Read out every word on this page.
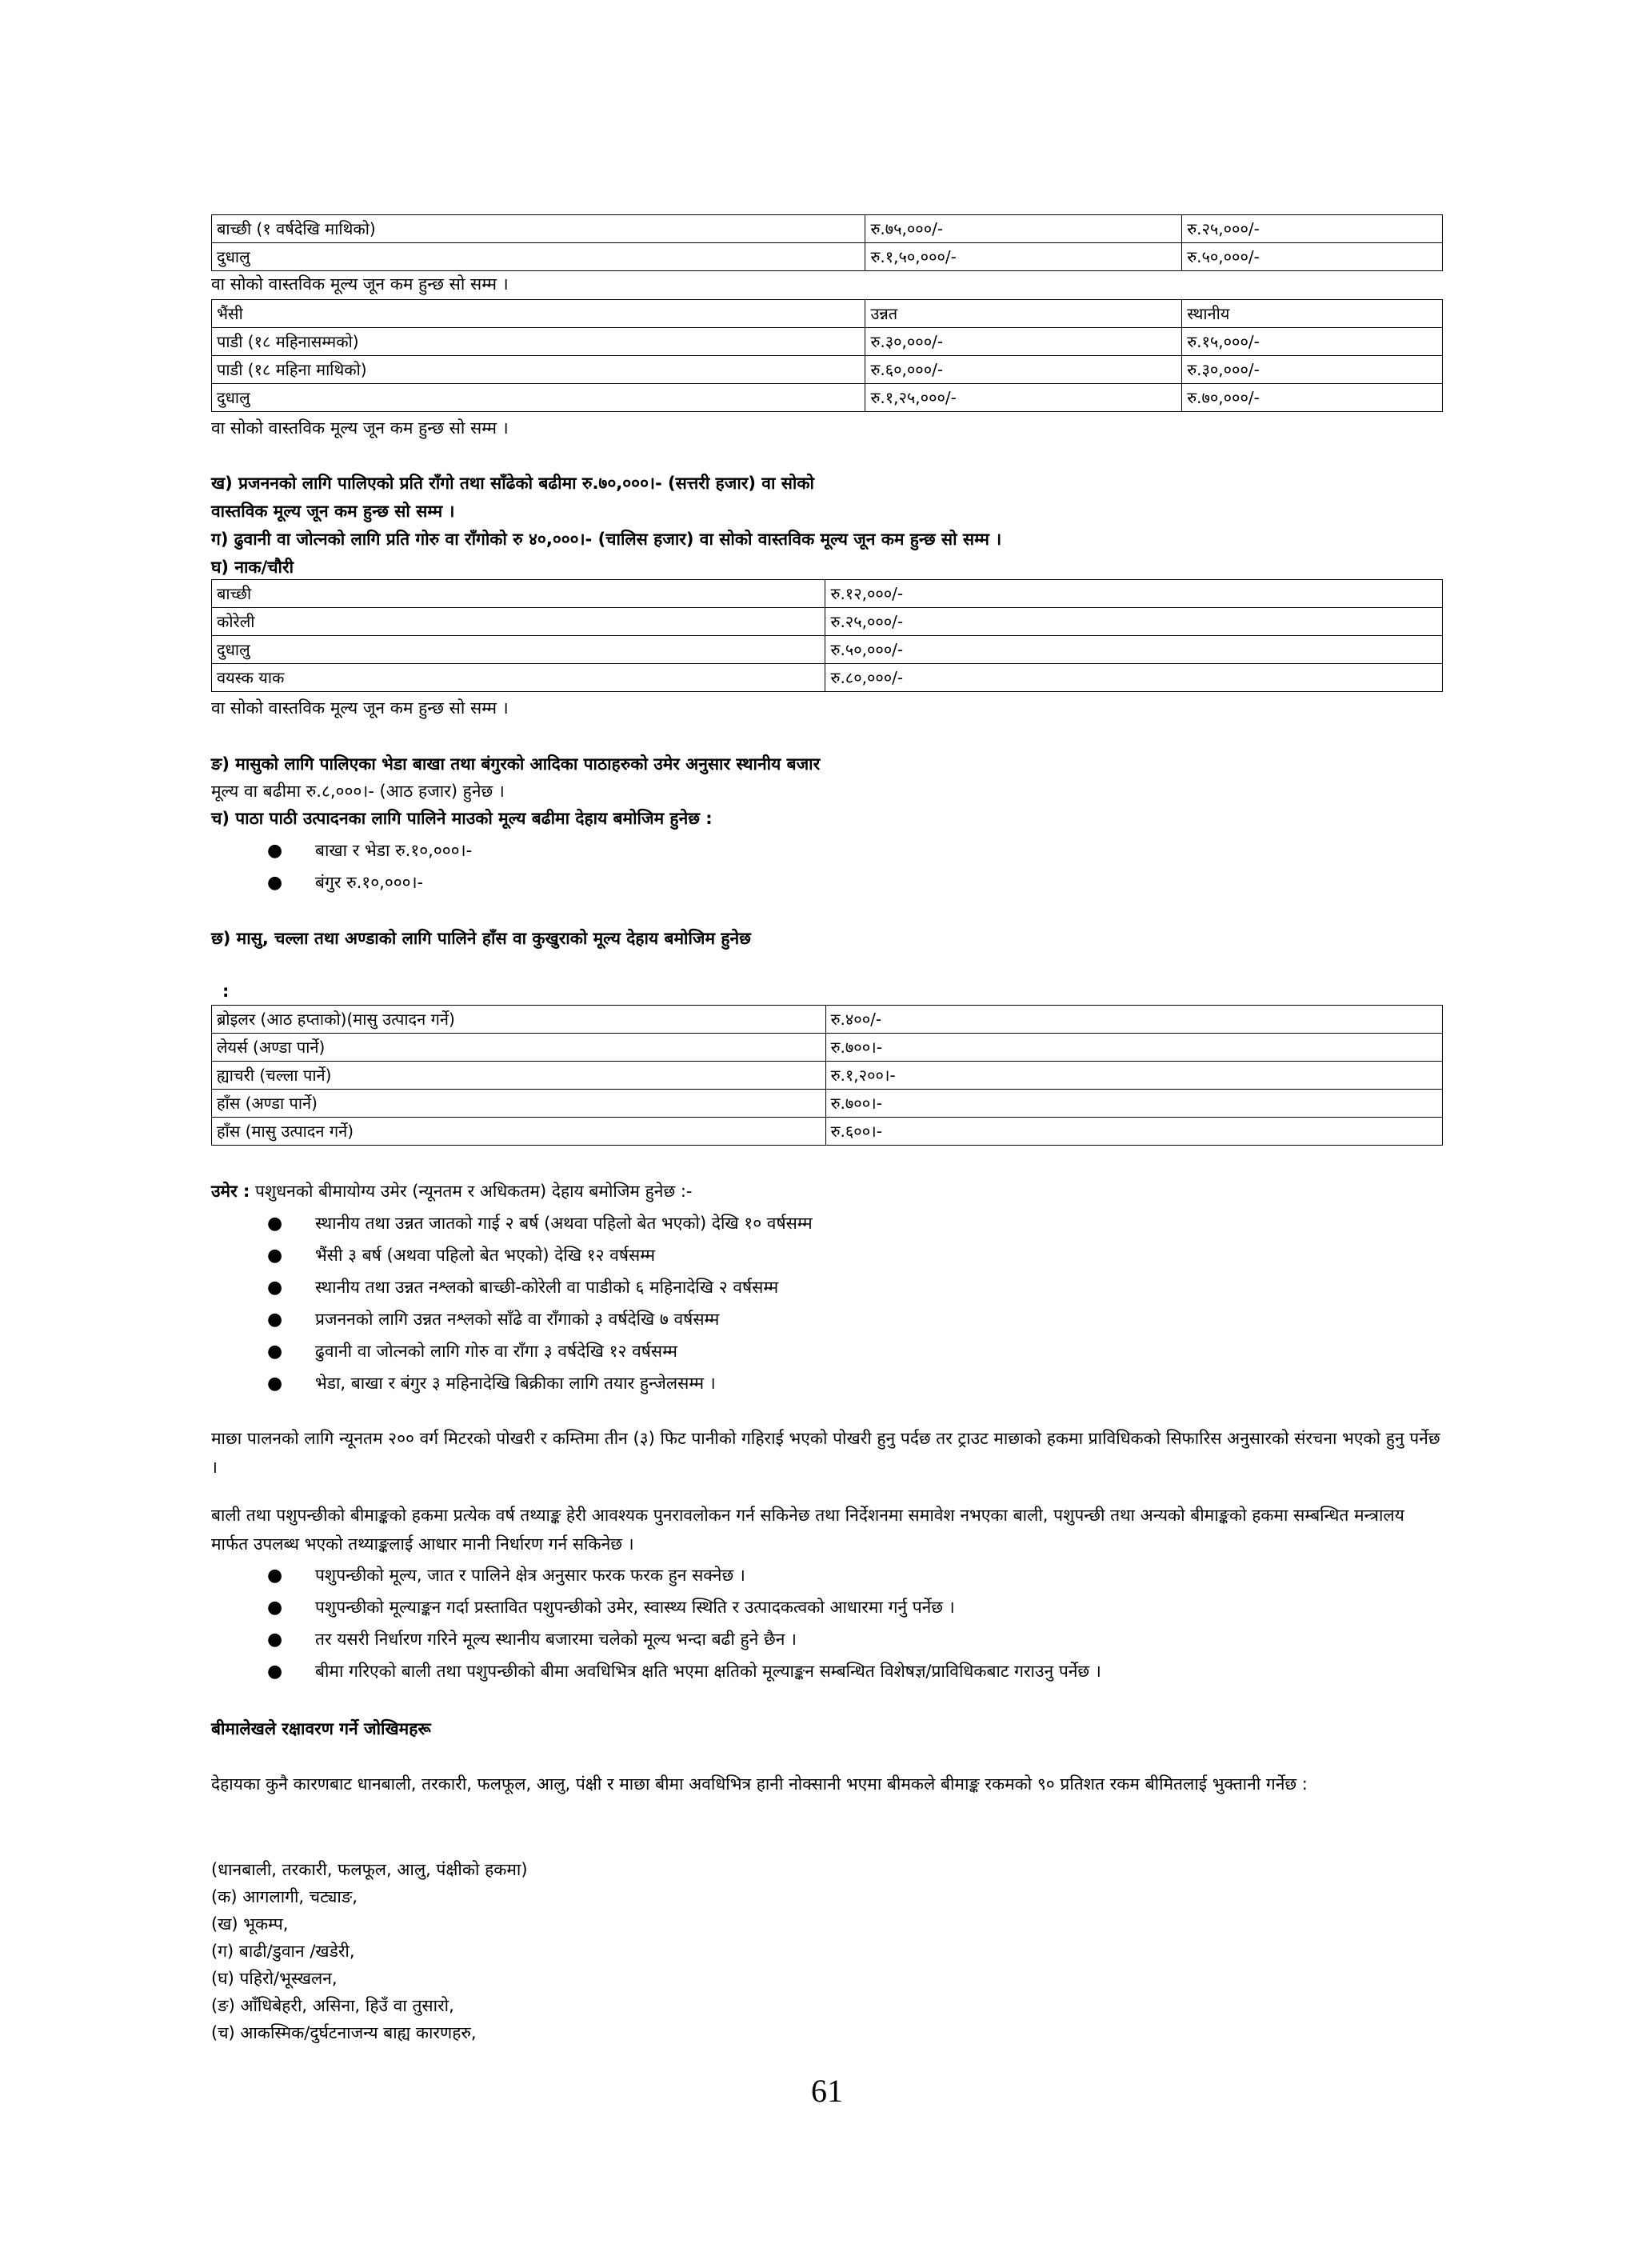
बाच्छी (१ वर्षदेखि माथिको)	रु.७५,०००/-	रु.२५,०००/-
दुधालु	रु.१,५०,०००/-	रु.५०,०००/-
वा सोको वास्तविक मूल्य जून कम हुन्छ सो सम्म ।
भैंसी	उन्नत	स्थानीय
पाडी (१८ महिनासम्मको)	रु.३०,०००/-	रु.१५,०००/-
पाडी (१८ महिना माथिको)	रु.६०,०००/-	रु.३०,०००/-
दुधालु	रु.१,२५,०००/-	रु.७०,०००/-
वा सोको वास्तविक मूल्य जून कम हुन्छ सो सम्म ।
ख) प्रजननको लागि पालिएको प्रति राँगो तथा साँढेको बढीमा रु.७०,०००।- (सत्तरी हजार) वा सोको
वास्तविक मूल्य जून कम हुन्छ सो सम्म ।
ग) ढुवानी वा जोत्नको लागि प्रति गोरु वा राँगोको रु ४०,०००।- (चालिस हजार) वा सोको वास्तविक मूल्य जून कम हुन्छ सो सम्म ।
घ) नाक/चौरी
बाच्छी	रु.१२,०००/-
कोरेली	रु.२५,०००/-
दुधालु	रु.५०,०००/-
वयस्क याक	रु.८०,०००/-
वा सोको वास्तविक मूल्य जून कम हुन्छ सो सम्म ।
ङ) मासुको लागि पालिएका भेडा बाखा तथा बंगुरको आदिका पाठाहरुको उमेर अनुसार स्थानीय बजार
मूल्य वा बढीमा रु.८,०००।- (आठ हजार) हुनेछ ।
च) पाठा पाठी उत्पादनका लागि पालिने माउको मूल्य बढीमा देहाय बमोजिम हुनेछ :
● बाखा र भेडा रु.१०,०००।-
● बंगुर रु.१०,०००।-
छ) मासु, चल्ला तथा अण्डाको लागि पालिने हाँस वा कुखुराको मूल्य देहाय बमोजिम हुनेछ
:
ब्रोइलर (आठ हप्ताको)(मासु उत्पादन गर्ने)	रु.४००/-
लेयर्स (अण्डा पार्ने)	रु.७००।-
ह्याचरी (चल्ला पार्ने)	रु.१,२००।-
हाँस (अण्डा पार्ने)	रु.७००।-
हाँस (मासु उत्पादन गर्ने)	रु.६००।-
उमेर : पशुधनको बीमायोग्य उमेर (न्यूनतम र अधिकतम) देहाय बमोजिम हुनेछ :-
● स्थानीय तथा उन्नत जातको गाई २ बर्ष (अथवा पहिलो बेत भएको) देखि १० वर्षसम्म
● भैंसी ३ बर्ष (अथवा पहिलो बेत भएको) देखि १२ वर्षसम्म
● स्थानीय तथा उन्नत नश्लको बाच्छी-कोरेली वा पाडीको ६ महिनादेखि २ वर्षसम्म
● प्रजननको लागि उन्नत नश्लको साँढे वा राँगाको ३ वर्षदेखि ७ वर्षसम्म
● ढुवानी वा जोत्नको लागि गोरु वा राँगा ३ वर्षदेखि १२ वर्षसम्म
● भेडा, बाखा र बंगुर ३ महिनादेखि बिक्रीका लागि तयार हुन्जेलसम्म ।
माछा पालनको लागि न्यूनतम २०० वर्ग मिटरको पोखरी र कम्तिमा तीन (३) फिट पानीको गहिराई भएको पोखरी हुनु पर्दछ तर ट्राउट माछाको हकमा प्राविधिकको सिफारिस अनुसारको संरचना भएको हुनु पर्नेछ ।
बाली तथा पशुपन्छीको बीमाङ्कको हकमा प्रत्येक वर्ष तथ्याङ्क हेरी आवश्यक पुनरावलोकन गर्न सकिनेछ तथा निर्देशनमा समावेश नभएका बाली, पशुपन्छी तथा अन्यको बीमाङ्कको हकमा सम्बन्धित मन्त्रालय मार्फत उपलब्ध भएको तथ्याङ्कलाई आधार मानी निर्धारण गर्न सकिनेछ ।
● पशुपन्छीको मूल्य, जात र पालिने क्षेत्र अनुसार फरक फरक हुन सक्नेछ ।
● पशुपन्छीको मूल्याङ्कन गर्दा प्रस्तावित पशुपन्छीको उमेर, स्वास्थ्य स्थिति र उत्पादकत्वको आधारमा गर्नु पर्नेछ ।
● तर यसरी निर्धारण गरिने मूल्य स्थानीय बजारमा चलेको मूल्य भन्दा बढी हुने छैन ।
● बीमा गरिएको बाली तथा पशुपन्छीको बीमा अवधिभित्र क्षति भएमा क्षतिको मूल्याङ्कन सम्बन्धित विशेषज्ञ/प्राविधिकबाट गराउनु पर्नेछ ।
बीमालेखले रक्षावरण गर्ने जोखिमहरू
देहायका कुनै कारणबाट धानबाली, तरकारी, फलफूल, आलु, पंक्षी र माछा बीमा अवधिभित्र हानी नोक्सानी भएमा बीमकले बीमाङ्क रकमको ९० प्रतिशत रकम बीमितलाई भुक्तानी गर्नेछ :
(धानबाली, तरकारी, फलफूल, आलु, पंक्षीको हकमा)
(क) आगलागी, चट्याङ,
(ख) भूकम्प,
(ग) बाढी/डुवान /खडेरी,
(घ) पहिरो/भूस्खलन,
(ङ) आँधिबेहरी, असिना, हिउँ वा तुसारो,
(च) आकस्मिक/दुर्घटनाजन्य बाह्य कारणहरु,
61
